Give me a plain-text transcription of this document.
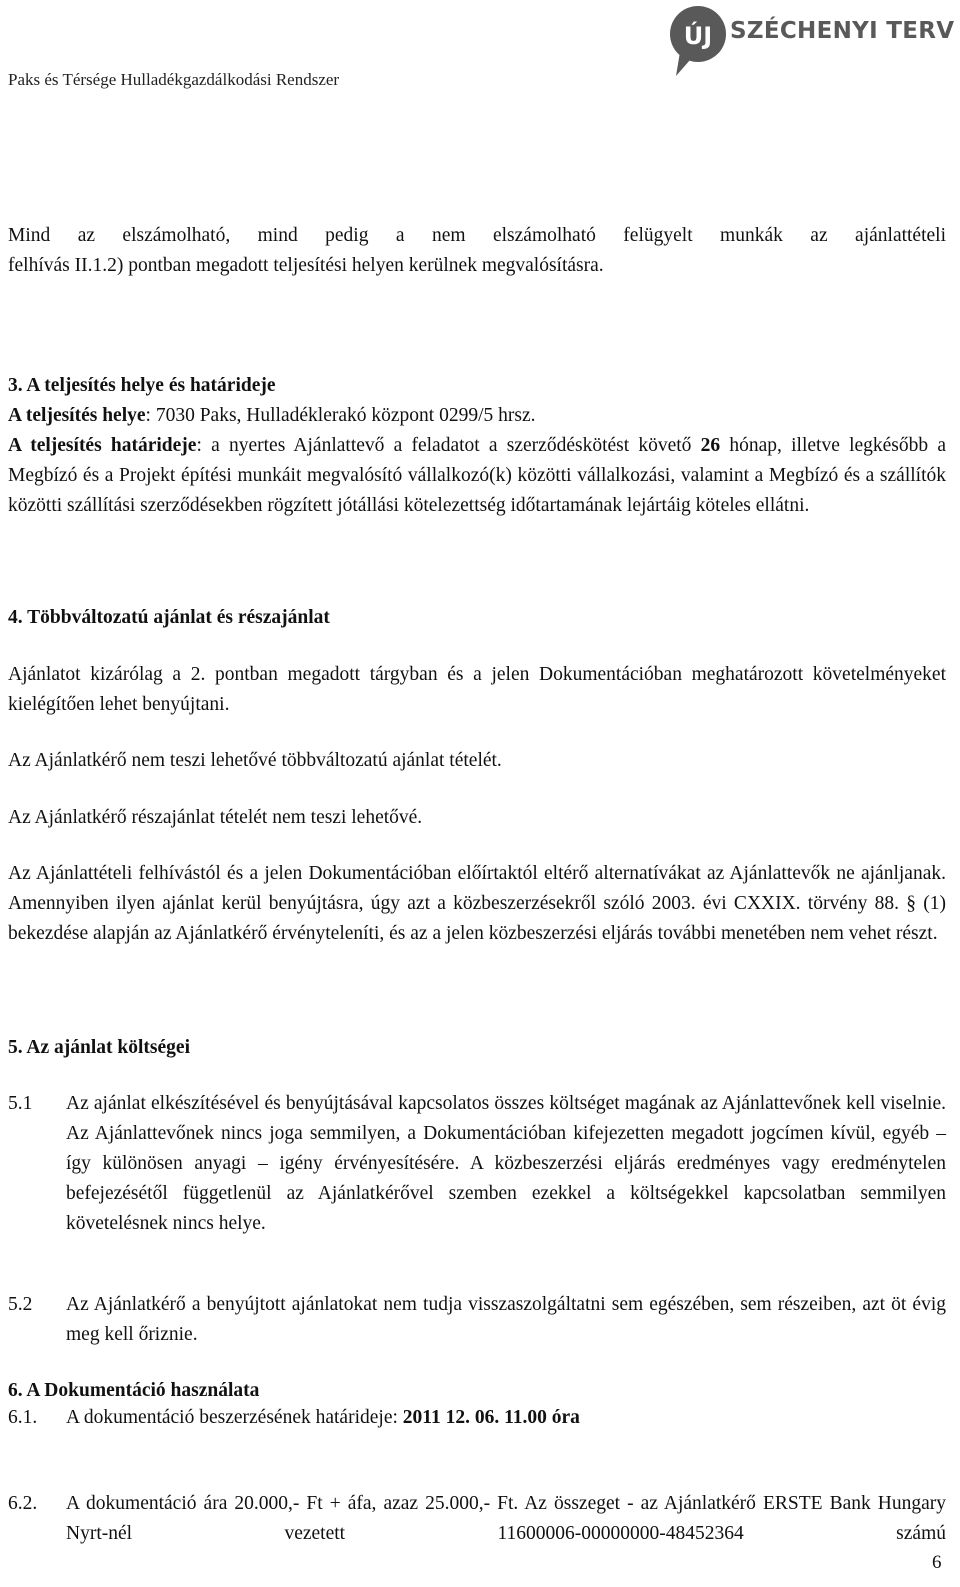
Paks és Térsége Hulladékgazdálkodási Rendszer
ÚJ SZÉCHENYI TERV
Mind az elszámolható, mind pedig a nem elszámolható felügyelt munkák az ajánlattételi
felhívás II.1.2) pontban megadott teljesítési helyen kerülnek megvalósításra.
3. A teljesítés helye és határideje
A teljesítés helye: 7030 Paks, Hulladéklerakó központ 0299/5 hrsz.
A teljesítés határideje: a nyertes Ajánlattevő a feladatot a szerződéskötést követő 26 hónap, illetve legkésőbb a Megbízó és a Projekt építési munkáit megvalósító vállalkozó(k) közötti vállalkozási, valamint a Megbízó és a szállítók közötti szállítási szerződésekben rögzített jótállási kötelezettség időtartamának lejártáig köteles ellátni.
4. Többváltozatú ajánlat és részajánlat
Ajánlatot kizárólag a 2. pontban megadott tárgyban és a jelen Dokumentációban meghatározott követelményeket kielégítően lehet benyújtani.
Az Ajánlatkérő nem teszi lehetővé többváltozatú ajánlat tételét.
Az Ajánlatkérő részajánlat tételét nem teszi lehetővé.
Az Ajánlattételi felhívástól és a jelen Dokumentációban előírtaktól eltérő alternatívákat az Ajánlattevők ne ajánljanak. Amennyiben ilyen ajánlat kerül benyújtásra, úgy azt a közbeszerzésekről szóló 2003. évi CXXIX. törvény 88. § (1) bekezdése alapján az Ajánlatkérő érvényteleníti, és az a jelen közbeszerzési eljárás további menetében nem vehet részt.
5. Az ajánlat költségei
5.1 Az ajánlat elkészítésével és benyújtásával kapcsolatos összes költséget magának az Ajánlattevőnek kell viselnie. Az Ajánlattevőnek nincs joga semmilyen, a Dokumentációban kifejezetten megadott jogcímen kívül, egyéb – így különösen anyagi – igény érvényesítésére. A közbeszerzési eljárás eredményes vagy eredménytelen befejezésétől függetlenül az Ajánlatkérővel szemben ezekkel a költségekkel kapcsolatban semmilyen követelésnek nincs helye.
5.2 Az Ajánlatkérő a benyújtott ajánlatokat nem tudja visszaszolgáltatni sem egészében, sem részeiben, azt öt évig meg kell őriznie.
6. A Dokumentáció használata
6.1. A dokumentáció beszerzésének határideje: 2011 12. 06. 11.00 óra
6.2. A dokumentáció ára 20.000,- Ft + áfa, azaz 25.000,- Ft. Az összeget - az Ajánlatkérő ERSTE Bank Hungary Nyrt-nél vezetett 11600006-00000000-48452364 számú
6
